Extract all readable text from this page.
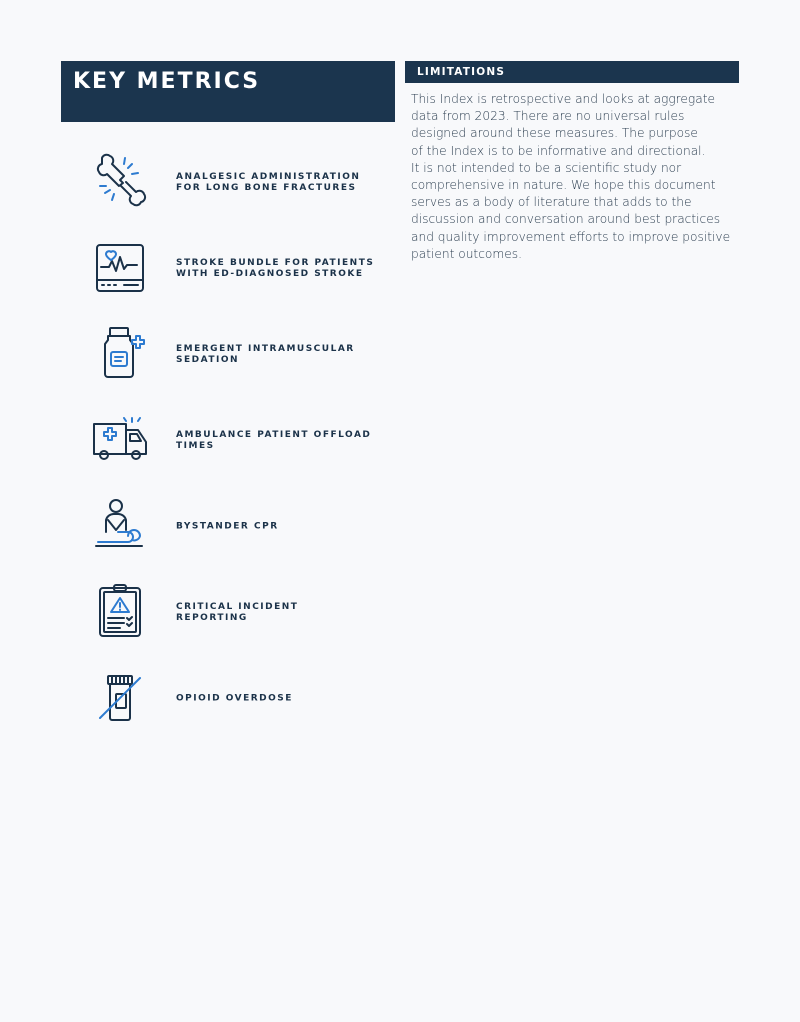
KEY METRICS	LIMITATIONS
This Index is retrospective and looks at aggregate
data from 2023. There are no universal rules
designed around these measures. The purpose
of the Index is to be informative and directional.
It is not intended to be a scientific study nor
comprehensive in nature. We hope this document
serves as a body of literature that adds to the
discussion and conversation around best practices
and quality improvement efforts to improve positive
patient outcomes.
ANALGESIC ADMINISTRATION
FOR LONG BONE FRACTURES
STROKE BUNDLE FOR PATIENTS
WITH ED-DIAGNOSED STROKE
EMERGENT INTRAMUSCULAR
SEDATION
AMBULANCE PATIENT OFFLOAD
TIMES
BYSTANDER CPR
CRITICAL INCIDENT
REPORTING
OPIOID OVERDOSE
